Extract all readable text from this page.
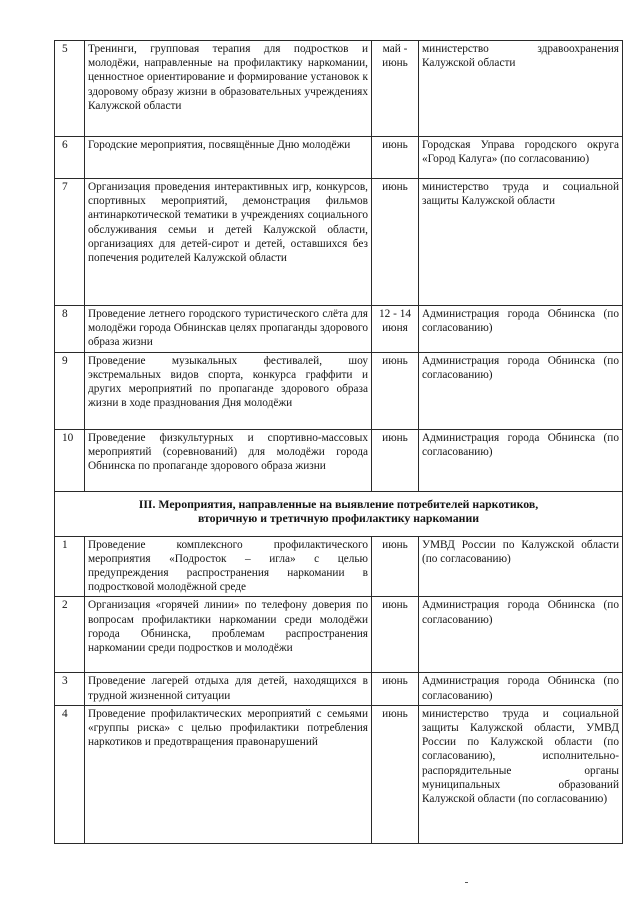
5	Тренинги, групповая терапия для подростков и молодёжи, направленные на профилактику наркомании, ценностное ориентирование и формирование установок к здоровому образу жизни в образовательных учреждениях Калужской области	май - июнь	министерство здравоохранения Калужской области
6	Городские мероприятия, посвящённые Дню молодёжи	июнь	Городская Управа городского округа «Город Калуга» (по согласованию)
7	Организация проведения интерактивных игр, конкурсов, спортивных мероприятий, демонстрация фильмов антинаркотической тематики в учреждениях социального обслуживания семьи и детей Калужской области, организациях для детей-сирот и детей, оставшихся без попечения родителей Калужской области	июнь	министерство труда и социальной защиты Калужской области
8	Проведение летнего городского туристического слёта для молодёжи города Обнинскав целях пропаганды здорового образа жизни	12 - 14 июня	Администрация города Обнинска (по согласованию)
9	Проведение музыкальных фестивалей, шоу экстремальных видов спорта, конкурса граффити и других мероприятий по пропаганде здорового образа жизни в ходе празднования Дня молодёжи	июнь	Администрация города Обнинска (по согласованию)
10	Проведение физкультурных и спортивно-массовых мероприятий (соревнований) для молодёжи города Обнинска по пропаганде здорового образа жизни	июнь	Администрация города Обнинска (по согласованию)

III. Мероприятия, направленные на выявление потребителей наркотиков,
вторичную и третичную профилактику наркомании			

1	Проведение комплексного профилактического мероприятия «Подросток – игла» с целью предупреждения распространения наркомании в подростковой молодёжной среде	июнь	УМВД России по Калужской области (по согласованию)
2	Организация «горячей линии» по телефону доверия по вопросам профилактики наркомании среди молодёжи города Обнинска, проблемам распространения наркомании среди подростков и молодёжи	июнь	Администрация города Обнинска (по согласованию)
3	Проведение лагерей отдыха для детей, находящихся в трудной жизненной ситуации	июнь	Администрация города Обнинска (по согласованию)
4	Проведение профилактических мероприятий с семьями «группы риска» с целью профилактики потребления наркотиков и предотвращения правонарушений	июнь	министерство труда и социальной защиты Калужской области, УМВД России по Калужской области (по согласованию), исполнительно-распорядительные органы муниципальных образований Калужской области (по согласованию)
